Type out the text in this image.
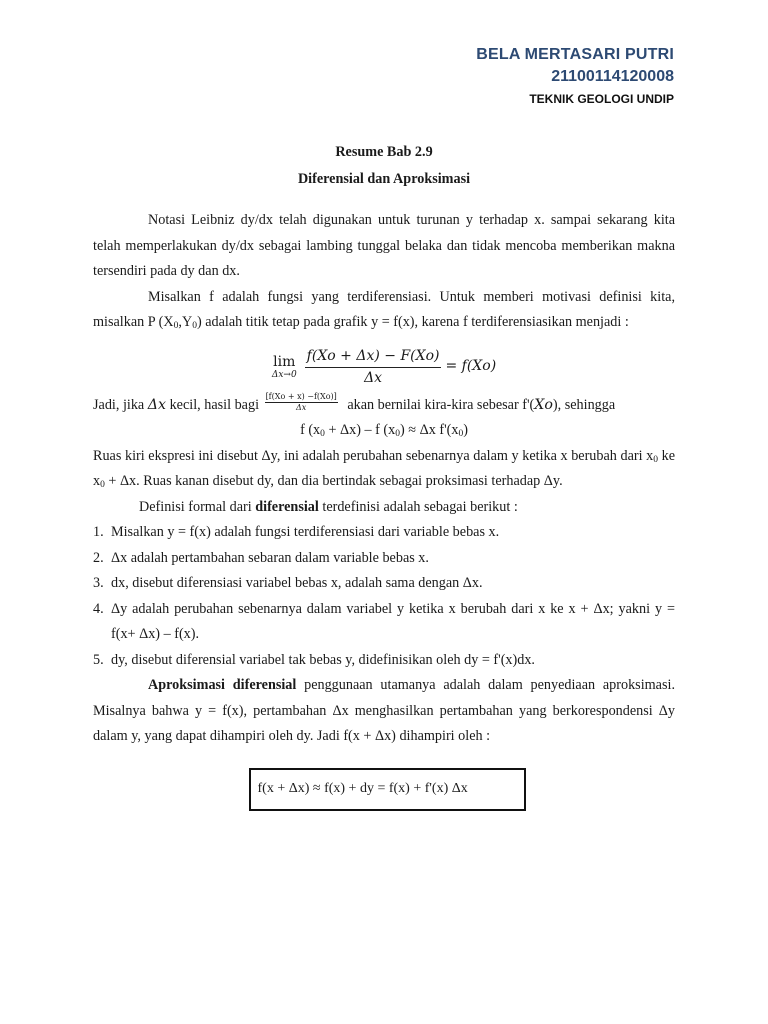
BELA MERTASARI PUTRI
21100114120008
TEKNIK GEOLOGI UNDIP
Resume Bab 2.9
Diferensial dan Aproksimasi

Notasi Leibniz dy/dx telah digunakan untuk turunan y terhadap x. sampai sekarang kita telah memperlakukan dy/dx sebagai lambing tunggal belaka dan tidak mencoba memberikan makna tersendiri pada dy dan dx.

Misalkan f adalah fungsi yang terdiferensiasi. Untuk memberi motivasi definisi kita, misalkan P $(X_0,Y_0)$ adalah titik tetap pada grafik y = f(x), karena f terdiferensiasikan menjadi :

lim
$\Delta x\to 0 \frac{f(Xo + \Delta x) - F(Xo)}{\Delta x} = f(Xo)$

Jadi, jika Δx kecil, hasil bagi $\frac{[f(Xo + x) -f(Xo)]}{\Delta x}$ akan bernilai kira-kira sebesar f'(Xo), sehingga

f $(x_0 + \Delta x) - f$ $(x_0) \approx \Delta x$ $f'(x_0)$

Ruas kiri ekspresi ini disebut Δy, ini adalah perubahan sebenarnya dalam y ketika x berubah dari $x_0$ ke $x_0 + \Delta x$. Ruas kanan disebut dy, dan dia bertindak sebagai proksimasi terhadap Δy.

Definisi formal dari diferensial terdefinisi adalah sebagai berikut :

1. Misalkan y = f(x) adalah fungsi terdiferensiasi dari variable bebas x.
2. Δx adalah pertambahan sebaran dalam variable bebas x.
3. dx, disebut diferensiasi variabel bebas x, adalah sama dengan Δx.
4. Δy adalah perubahan sebenarnya dalam variabel y ketika x berubah dari x ke x + Δx; yakni y = f(x+ Δx) – f(x).
5. dy, disebut diferensial variabel tak bebas y, didefinisikan oleh dy = f'(x)dx.

Aproksimasi diferensial penggunaan utamanya adalah dalam penyediaan aproksimasi. Misalnya bahwa y = f(x), pertambahan Δx menghasilkan pertambahan yang berkorespondensi Δy dalam y, yang dapat dihampiri oleh dy. Jadi f(x + Δx) dihampiri oleh :

f(x + Δx) ≈ f(x) + dy = f(x) + f'(x) Δx
